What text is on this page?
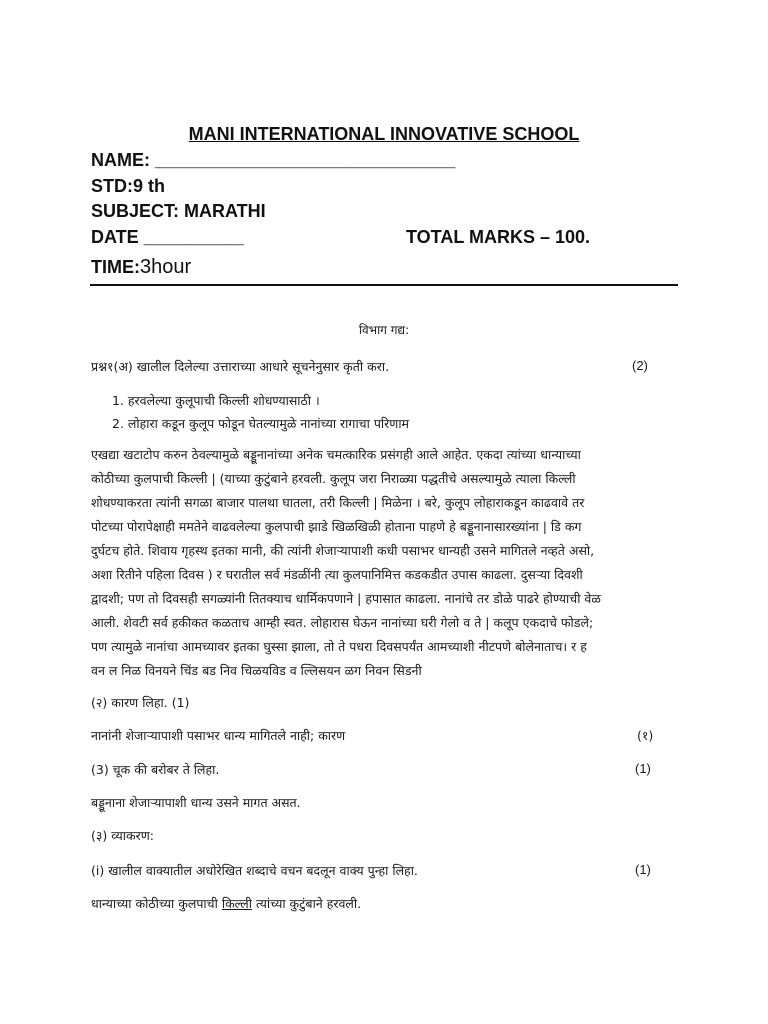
MANI INTERNATIONAL INNOVATIVE SCHOOL
NAME: ______________________________
STD:9 th
SUBJECT: MARATHI
DATE __________	TOTAL MARKS – 100.
TIME:3hour
विभाग गद्य:
प्रश्न१(अ) खालील दिलेल्या उत्ताराच्या आधारे सूचनेनुसार कृती करा.	(2)
1. हरवलेल्या कुलूपाची किल्ली शोधण्यासाठी ।
2. लोहारा कडून कुलूप फोडून घेतल्यामुळे नानांच्या रागाचा परिणाम
एखद्या खटाटोप करुन ठेवल्यामुळे बड्डूनानांच्या अनेक चमत्कारिक प्रसंगही आले आहेत. एकदा त्यांच्या धान्याच्या
कोठीच्या कुलपाची किल्ली | (याच्या कुटुंबाने हरवली. कुलूप जरा निराळ्या पद्धतीचे असल्यामुळे त्याला किल्ली
शोधण्याकरता त्यांनी सगळा बाजार पालथा घातला, तरी किल्ली | मिळेना । बरे, कुलूप लोहाराकडून काढवावे तर
पोटच्या पोरापेक्षाही ममतेने वाढवलेल्या कुलपाची झाडे खिळखिळी होताना पाहणे हे बड्डूनानासारख्यांना | डि कग
दुर्घटच होते. शिवाय गृहस्थ इतका मानी, की त्यांनी शेजाऱ्यापाशी कधी पसाभर धान्यही उसने मागितले नव्हते असो,
अशा रितीने पहिला दिवस ) र घरातील सर्व मंडळींनी त्या कुलपानिमित्त कडकडीत उपास काढला. दुसऱ्या दिवशी
द्वादशी; पण तो दिवसही सगळ्यांनी तितक्याच धार्मिकपणाने | हपासात काढला. नानांचे तर डोळे पाढरे होण्याची वेळ
आली. शेवटी सर्व हकीकत कळताच आम्ही स्वत. लोहारास घेऊन नानांच्या घरी गेलो व ते | कलूप एकदाचे फोडले;
पण त्यामुळे नानांचा आमच्यावर इतका घुस्सा झाला, तो ते पधरा दिवसपर्यंत आमच्याशी नीटपणे बोलेनाताच। र ह
वन ल निळ विनयने चिंड बड निव चिळयविड व ल्लिसयन ळग निवन सिडनी
(२) कारण लिहा. (1)
नानांनी शेजाऱ्यापाशी पसाभर धान्य मागितले नाही; कारण	(१)
(3) चूक की बरोबर ते लिहा.	(1)
बड्डूनाना शेजाऱ्यापाशी धान्य उसने मागत असत.
(३) व्याकरण:
(i) खालील वाक्यातील अधोरेखित शब्दाचे वचन बदलून वाक्य पुन्हा लिहा.	(1)
धान्याच्या कोठीच्या कुलपाची किल्ली त्यांच्या कुटुंबाने हरवली.
